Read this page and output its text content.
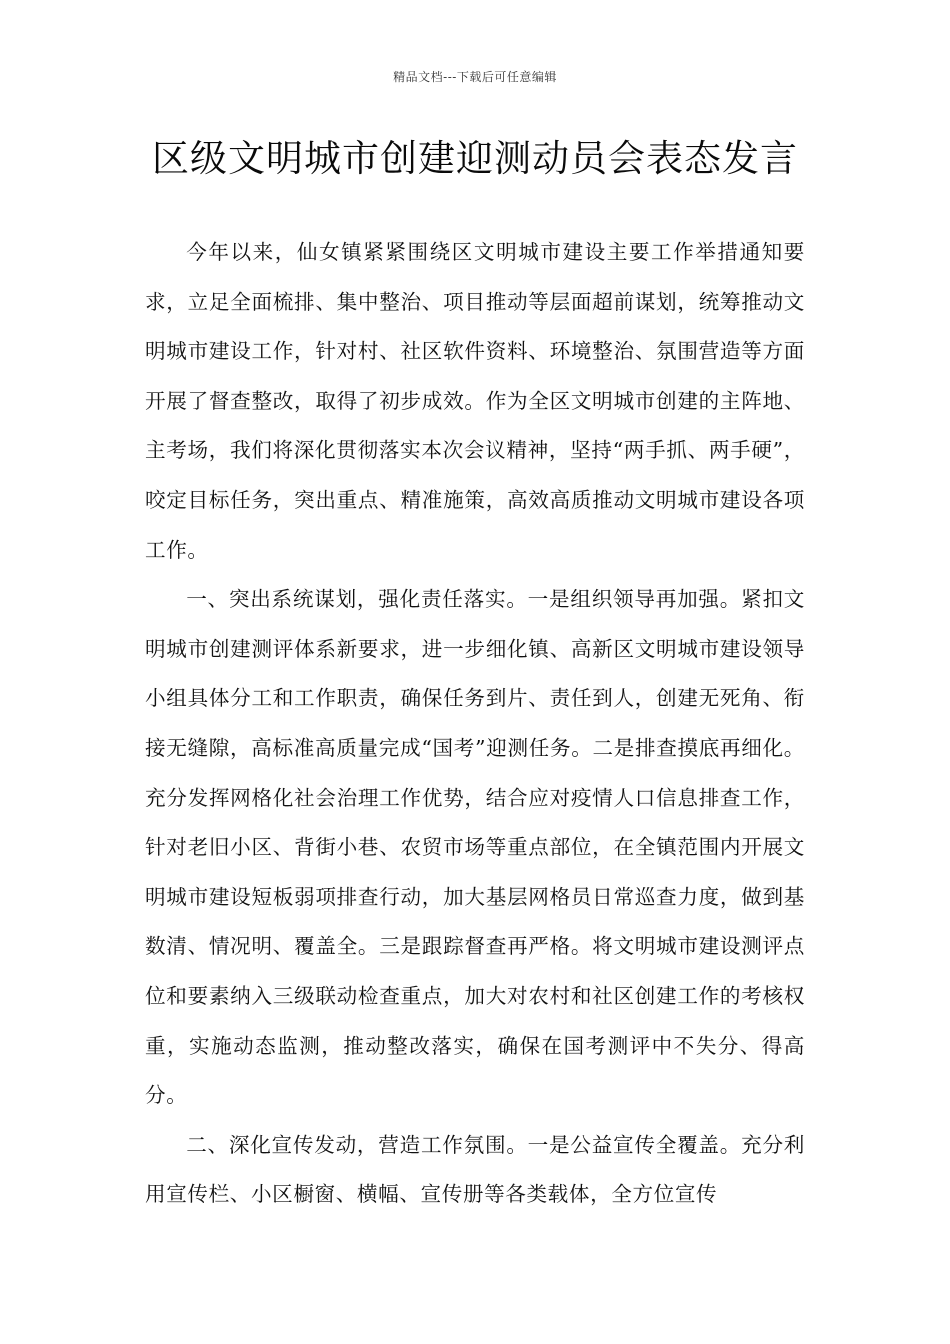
精品文档---下载后可任意编辑
区级文明城市创建迎测动员会表态发言

今年以来，仙女镇紧紧围绕区文明城市建设主要工作举措通知要求，立足全面梳排、集中整治、项目推动等层面超前谋划，统筹推动文明城市建设工作，针对村、社区软件资料、环境整治、氛围营造等方面开展了督查整改，取得了初步成效。作为全区文明城市创建的主阵地、主考场，我们将深化贯彻落实本次会议精神，坚持“两手抓、两手硬”，咬定目标任务，突出重点、精准施策，高效高质推动文明城市建设各项工作。

一、突出系统谋划，强化责任落实。一是组织领导再加强。紧扣文明城市创建测评体系新要求，进一步细化镇、高新区文明城市建设领导小组具体分工和工作职责，确保任务到片、责任到人，创建无死角、衔接无缝隙，高标准高质量完成“国考”迎测任务。二是排查摸底再细化。充分发挥网格化社会治理工作优势，结合应对疫情人口信息排查工作，针对老旧小区、背街小巷、农贸市场等重点部位，在全镇范围内开展文明城市建设短板弱项排查行动，加大基层网格员日常巡查力度，做到基数清、情况明、覆盖全。三是跟踪督查再严格。将文明城市建设测评点位和要素纳入三级联动检查重点，加大对农村和社区创建工作的考核权重，实施动态监测，推动整改落实，确保在国考测评中不失分、得高分。

二、深化宣传发动，营造工作氛围。一是公益宣传全覆盖。充分利用宣传栏、小区橱窗、横幅、宣传册等各类载体，全方位宣传
